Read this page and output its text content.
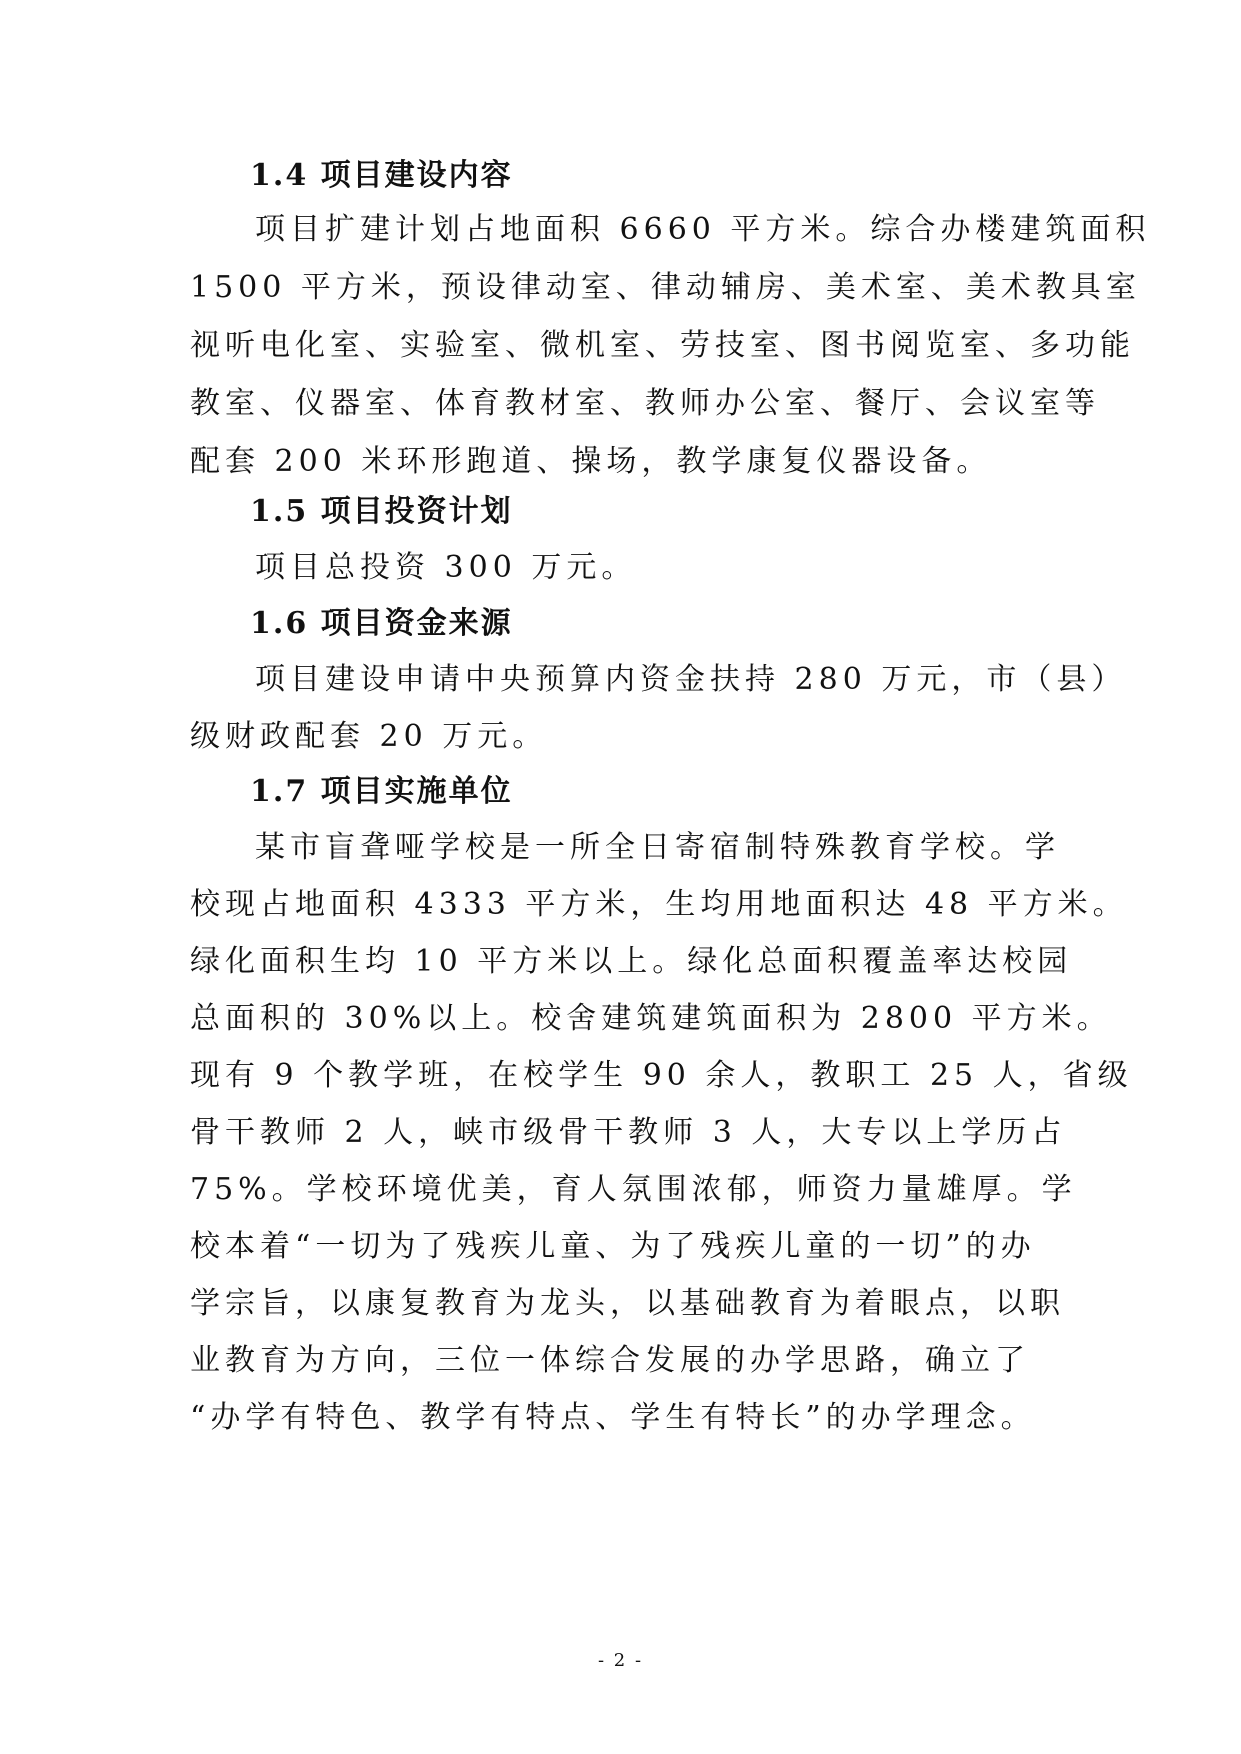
1.4 项目建设内容
项目扩建计划占地面积 6660 平方米。综合办楼建筑面积
1500 平方米，预设律动室、律动辅房、美术室、美术教具室
视听电化室、实验室、微机室、劳技室、图书阅览室、多功能
教室、仪器室、体育教材室、教师办公室、餐厅、会议室等
配套 200 米环形跑道、操场，教学康复仪器设备。
1.5 项目投资计划
项目总投资 300 万元。
1.6 项目资金来源
项目建设申请中央预算内资金扶持 280 万元，市（县）
级财政配套 20 万元。
1.7 项目实施单位
某市盲聋哑学校是一所全日寄宿制特殊教育学校。学
校现占地面积 4333 平方米，生均用地面积达 48 平方米。
绿化面积生均 10 平方米以上。绿化总面积覆盖率达校园
总面积的 30%以上。校舍建筑建筑面积为 2800 平方米。
现有 9 个教学班，在校学生 90 余人，教职工 25 人，省级
骨干教师 2 人，峡市级骨干教师 3 人，大专以上学历占
75%。学校环境优美，育人氛围浓郁，师资力量雄厚。学
校本着“一切为了残疾儿童、为了残疾儿童的一切”的办
学宗旨，以康复教育为龙头，以基础教育为着眼点，以职
业教育为方向，三位一体综合发展的办学思路，确立了
“办学有特色、教学有特点、学生有特长”的办学理念。
- 2 -
